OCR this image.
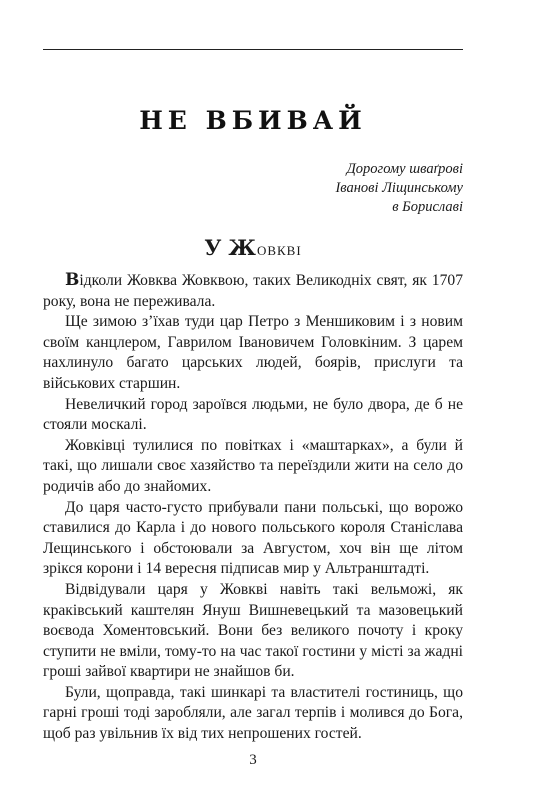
НЕ ВБИВАЙ
Дорогому шваґрові
Іванові Ліщинському
в Бориславі
У Жовкві

Відколи Жовква Жовквою, таких Великодніх свят, як 1707 року, вона не переживала.

Ще зимою з’їхав туди цар Петро з Меншиковим і з новим своїм канцлером, Гаврилом Івановичем Головкіним. З царем нахлинуло багато царських людей, боярів, прислуги та військових старшин.

Невеличкий город зароївся людьми, не було двора, де б не стояли москалі.

Жовківці тулилися по повітках і «маштарках», а були й такі, що лишали своє хазяйство та переїздили жити на село до родичів або до знайомих.

До царя часто-густо прибували пани польські, що ворожо ставилися до Карла і до нового польського короля Станіслава Лещинського і обстоювали за Августом, хоч він ще літом зрікся корони і 14 вересня підписав мир у Альтранштадті.

Відвідували царя у Жовкві навіть такі вельможі, як краківський каштелян Януш Вишневецький та мазовецький воєвода Хоментовський. Вони без великого почоту і кроку ступити не вміли, тому-то на час такої гостини у місті за жадні гроші зайвої квартири не знайшов би.

Були, щоправда, такі шинкарі та властителі гостиниць, що гарні гроші тоді заробляли, але загал терпів і молився до Бога, щоб раз увільнив їх від тих непрошених гостей.

3
